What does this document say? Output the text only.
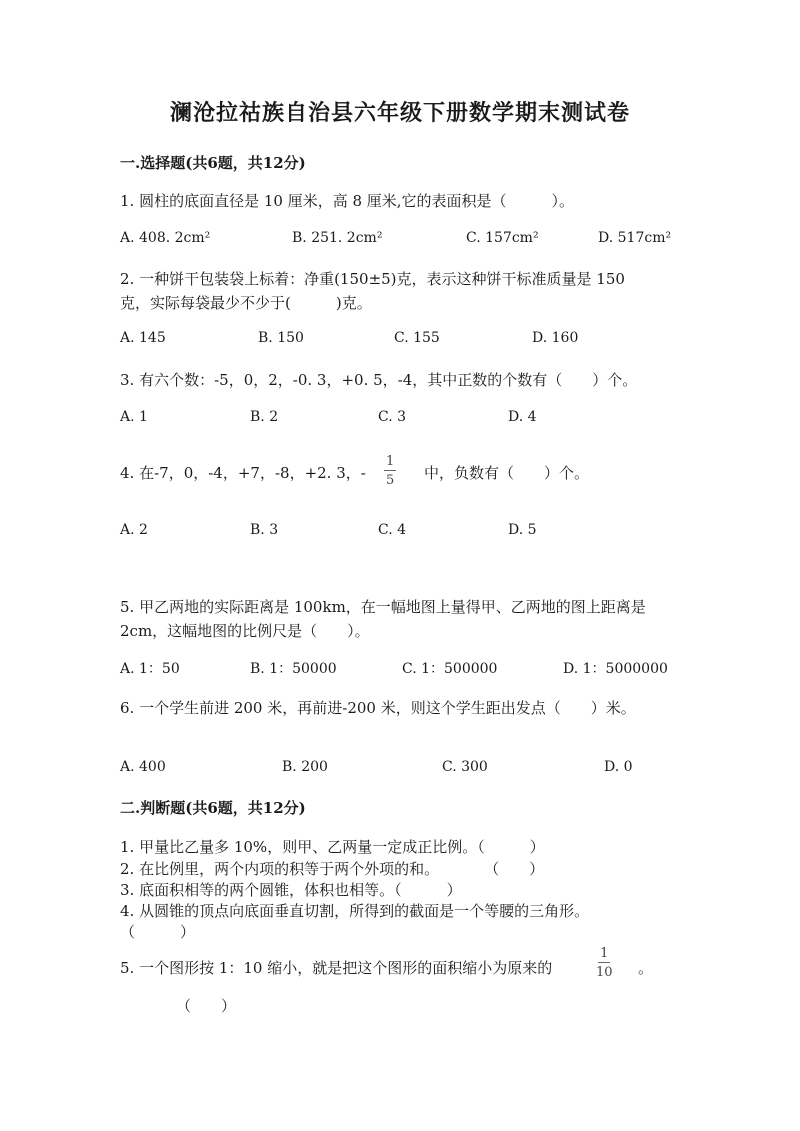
澜沧拉祜族自治县六年级下册数学期末测试卷
一.选择题(共6题，共12分)
1. 圆柱的底面直径是 10 厘米，高 8 厘米,它的表面积是（　　　）。
A. 408. 2cm²	B. 251. 2cm²	C. 157cm²	D. 517cm²
2. 一种饼干包装袋上标着：净重(150±5)克，表示这种饼干标准质量是 150
克，实际每袋最少不少于(　　　)克。
A. 145	B. 150	C. 155	D. 160
3. 有六个数：-5，0，2，-0. 3，+0. 5，-4，其中正数的个数有（　　）个。
A. 1	B. 2	C. 3	D. 4
4. 在-7，0，-4，+7，-8，+2. 3，- $\frac{1}{5}$ 中，负数有（　　）个。
A. 2	B. 3	C. 4	D. 5
5. 甲乙两地的实际距离是 100km，在一幅地图上量得甲、乙两地的图上距离是
2cm，这幅地图的比例尺是（　　）。
A. 1：50	B. 1：50000	C. 1：500000	D. 1：5000000
6. 一个学生前进 200 米，再前进-200 米，则这个学生距出发点（　　）米。
A. 400	B. 200	C. 300	D. 0
二.判断题(共6题，共12分)
1. 甲量比乙量多 10%，则甲、乙两量一定成正比例。（　　　）
2. 在比例里，两个内项的积等于两个外项的和。　　　　（　　）
3. 底面积相等的两个圆锥，体积也相等。（　　　）
4. 从圆锥的顶点向底面垂直切割，所得到的截面是一个等腰的三角形。
（　　　）
5. 一个图形按 1：10 缩小，就是把这个图形的面积缩小为原来的	$\frac{1}{10}$ 。
（　　）
